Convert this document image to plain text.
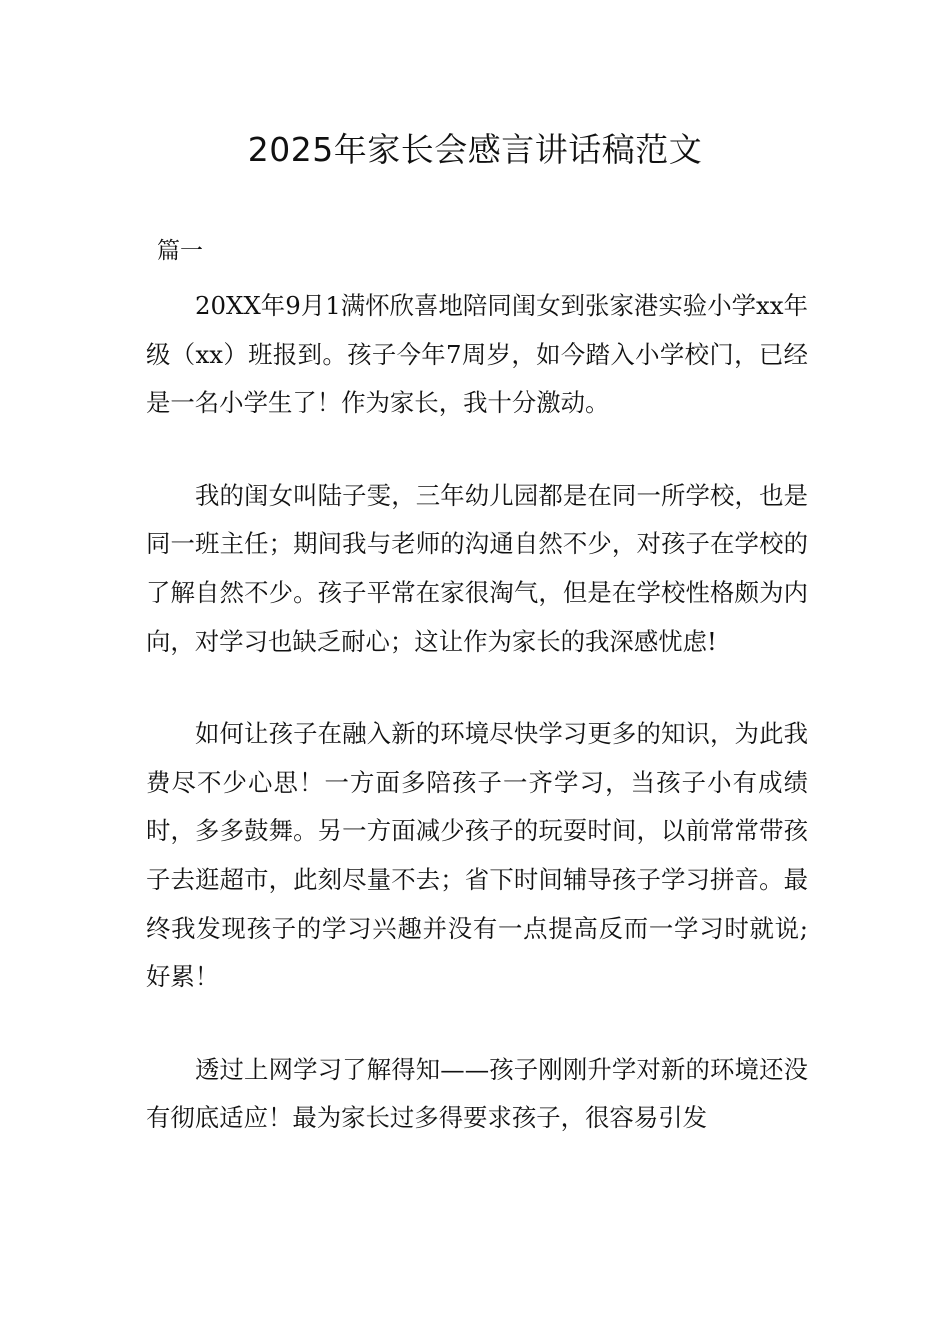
2025年家长会感言讲话稿范文
篇一

20XX年9月1满怀欣喜地陪同闺女到张家港实验小学xx年级（xx）班报到。孩子今年7周岁，如今踏入小学校门，已经是一名小学生了！作为家长，我十分激动。

我的闺女叫陆子雯，三年幼儿园都是在同一所学校，也是同一班主任；期间我与老师的沟通自然不少，对孩子在学校的了解自然不少。孩子平常在家很淘气，但是在学校性格颇为内向，对学习也缺乏耐心；这让作为家长的我深感忧虑!

如何让孩子在融入新的环境尽快学习更多的知识，为此我费尽不少心思！一方面多陪孩子一齐学习，当孩子小有成绩时，多多鼓舞。另一方面减少孩子的玩耍时间，以前常常带孩子去逛超市，此刻尽量不去；省下时间辅导孩子学习拼音。最终我发现孩子的学习兴趣并没有一点提高反而一学习时就说;好累！

透过上网学习了解得知——孩子刚刚升学对新的环境还没有彻底适应！最为家长过多得要求孩子，很容易引发
